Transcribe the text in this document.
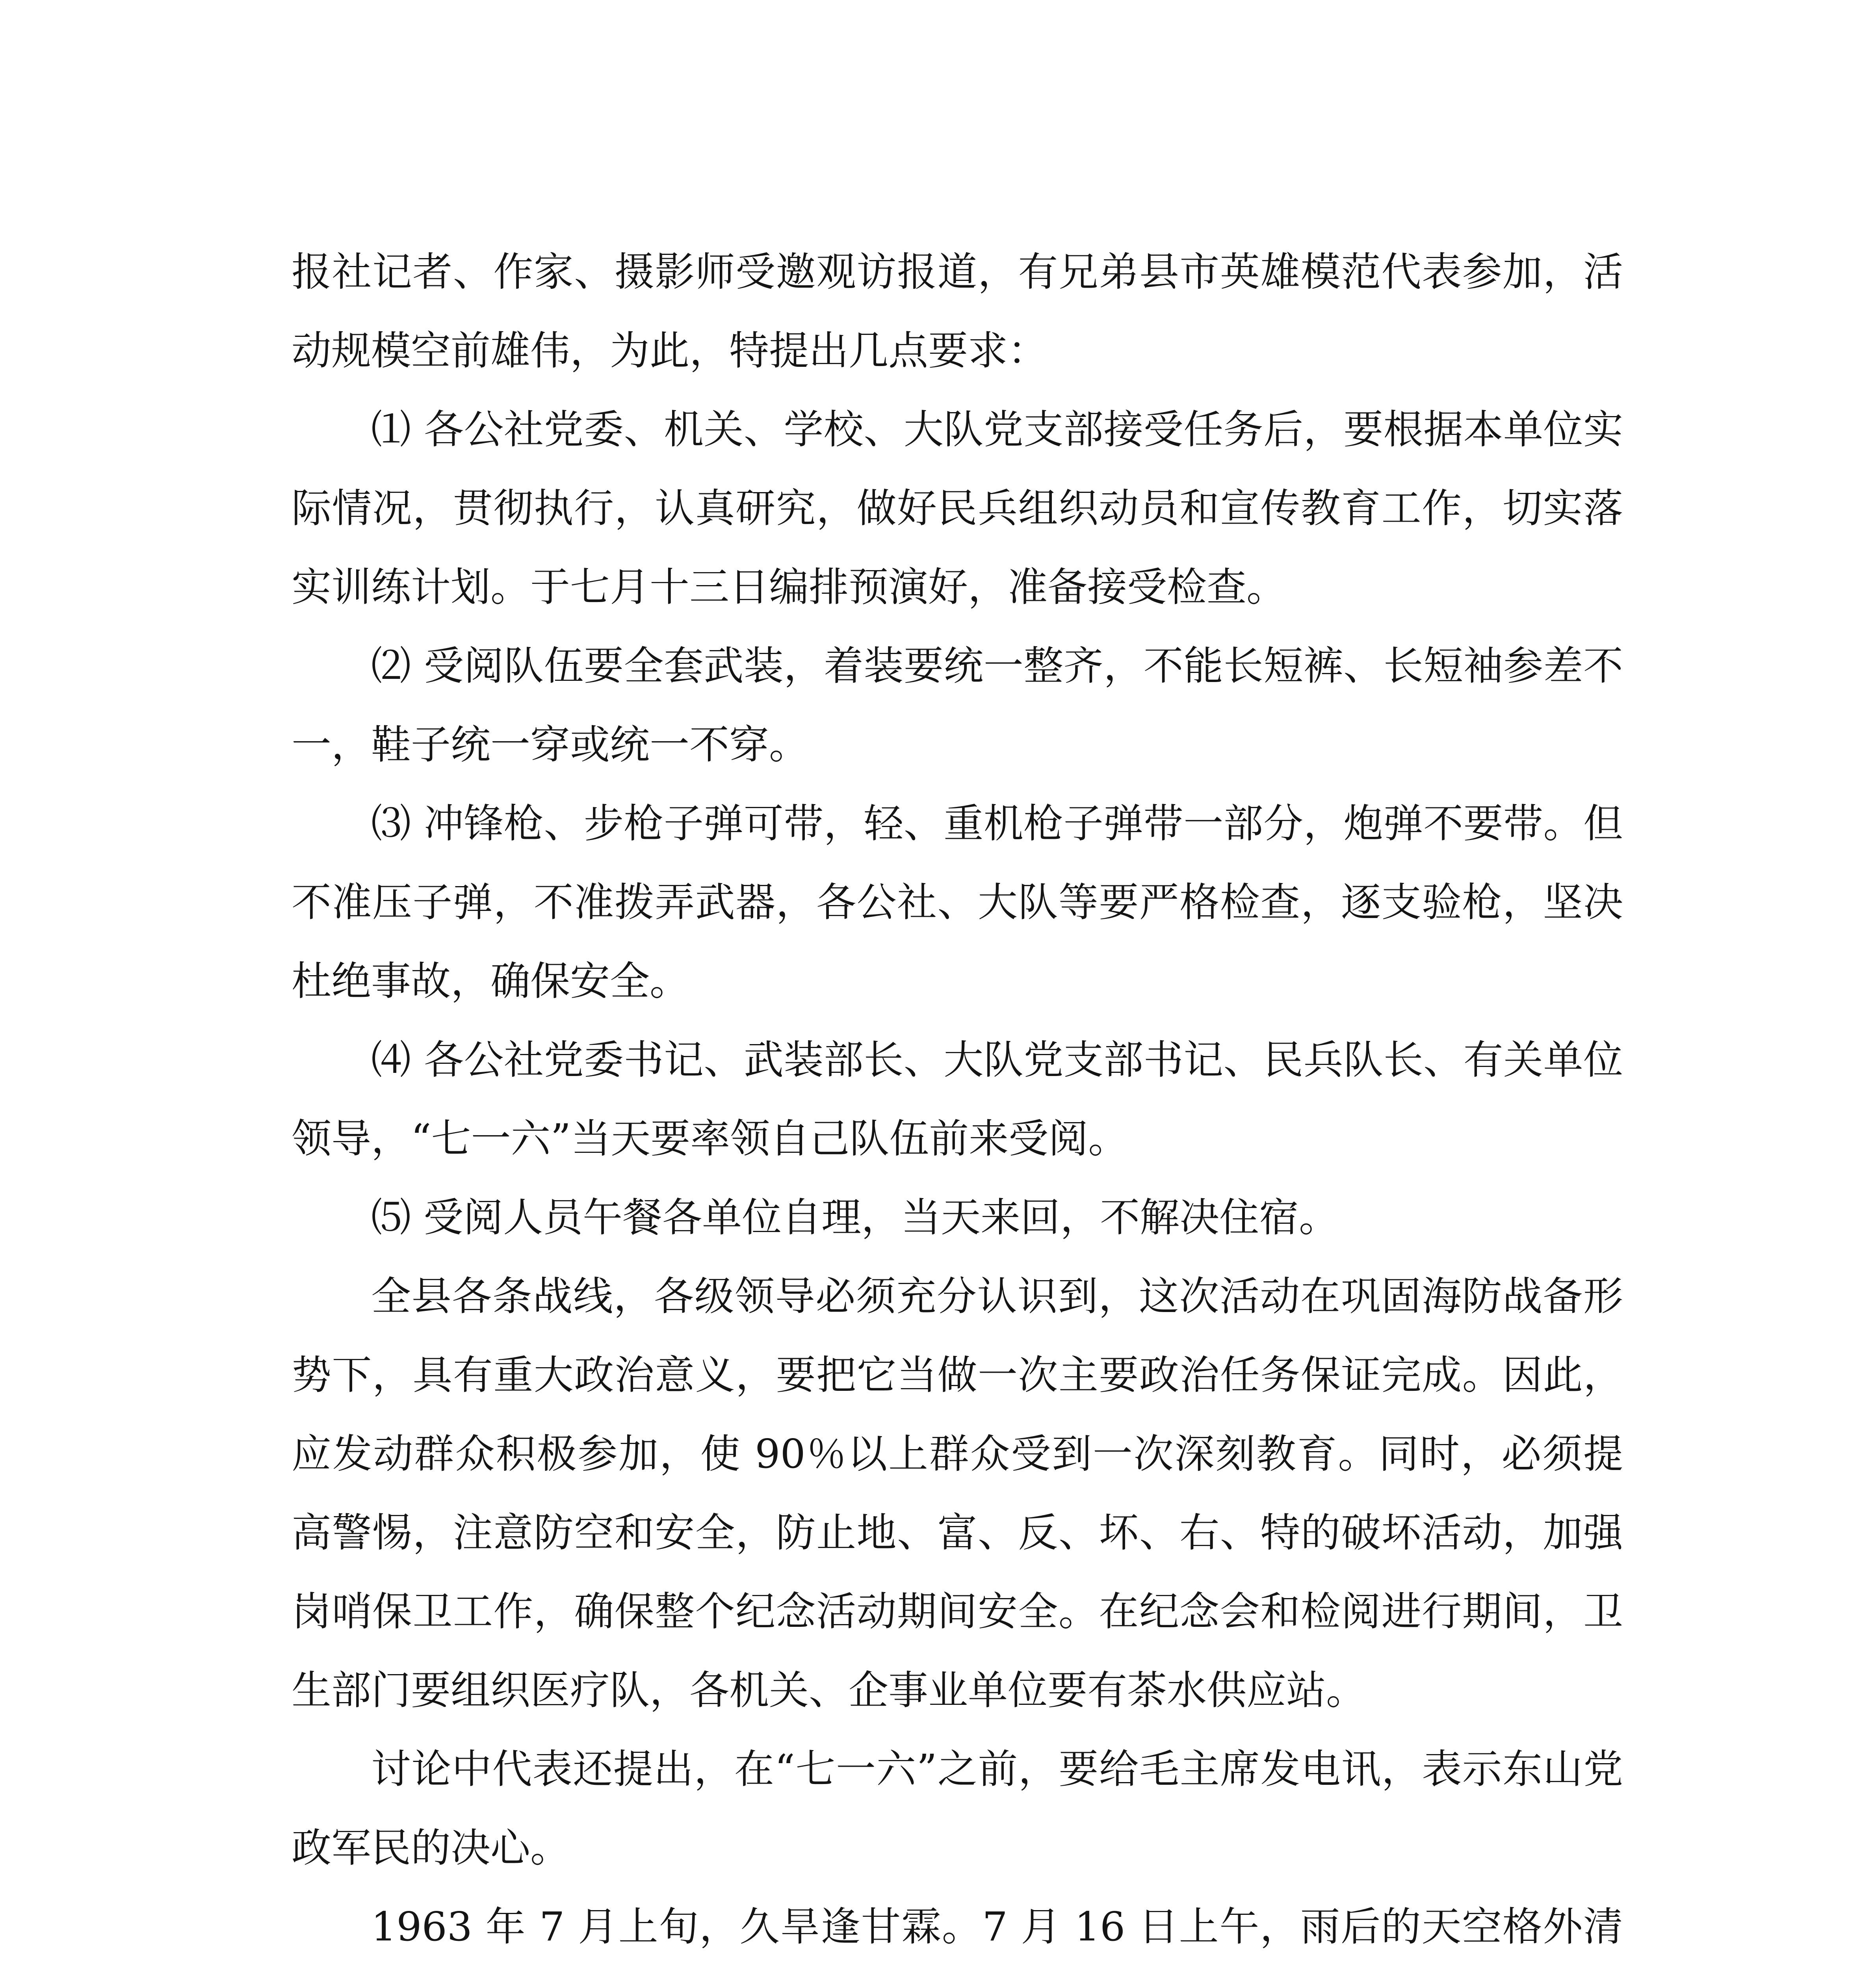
报社记者、作家、摄影师受邀观访报道，有兄弟县市英雄模范代表参加，活动规模空前雄伟，为此，特提出几点要求：

⑴ 各公社党委、机关、学校、大队党支部接受任务后，要根据本单位实际情况，贯彻执行，认真研究，做好民兵组织动员和宣传教育工作，切实落实训练计划。于七月十三日编排预演好，准备接受检查。

⑵ 受阅队伍要全套武装，着装要统一整齐，不能长短裤、长短袖参差不一，鞋子统一穿或统一不穿。

⑶ 冲锋枪、步枪子弹可带，轻、重机枪子弹带一部分，炮弹不要带。但不准压子弹，不准拨弄武器，各公社、大队等要严格检查，逐支验枪，坚决杜绝事故，确保安全。

⑷ 各公社党委书记、武装部长、大队党支部书记、民兵队长、有关单位领导，“七一六”当天要率领自己队伍前来受阅。

⑸ 受阅人员午餐各单位自理，当天来回，不解决住宿。

全县各条战线，各级领导必须充分认识到，这次活动在巩固海防战备形势下，具有重大政治意义，要把它当做一次主要政治任务保证完成。因此，应发动群众积极参加，使 90％以上群众受到一次深刻教育。同时，必须提高警惕，注意防空和安全，防止地、富、反、坏、右、特的破坏活动，加强岗哨保卫工作，确保整个纪念活动期间安全。在纪念会和检阅进行期间，卫生部门要组织医疗队，各机关、企事业单位要有茶水供应站。

讨论中代表还提出，在“七一六”之前，要给毛主席发电讯，表示东山党政军民的决心。

1963 年 7 月上旬，久旱逢甘霖。7 月 16 日上午，雨后的天空格外清
